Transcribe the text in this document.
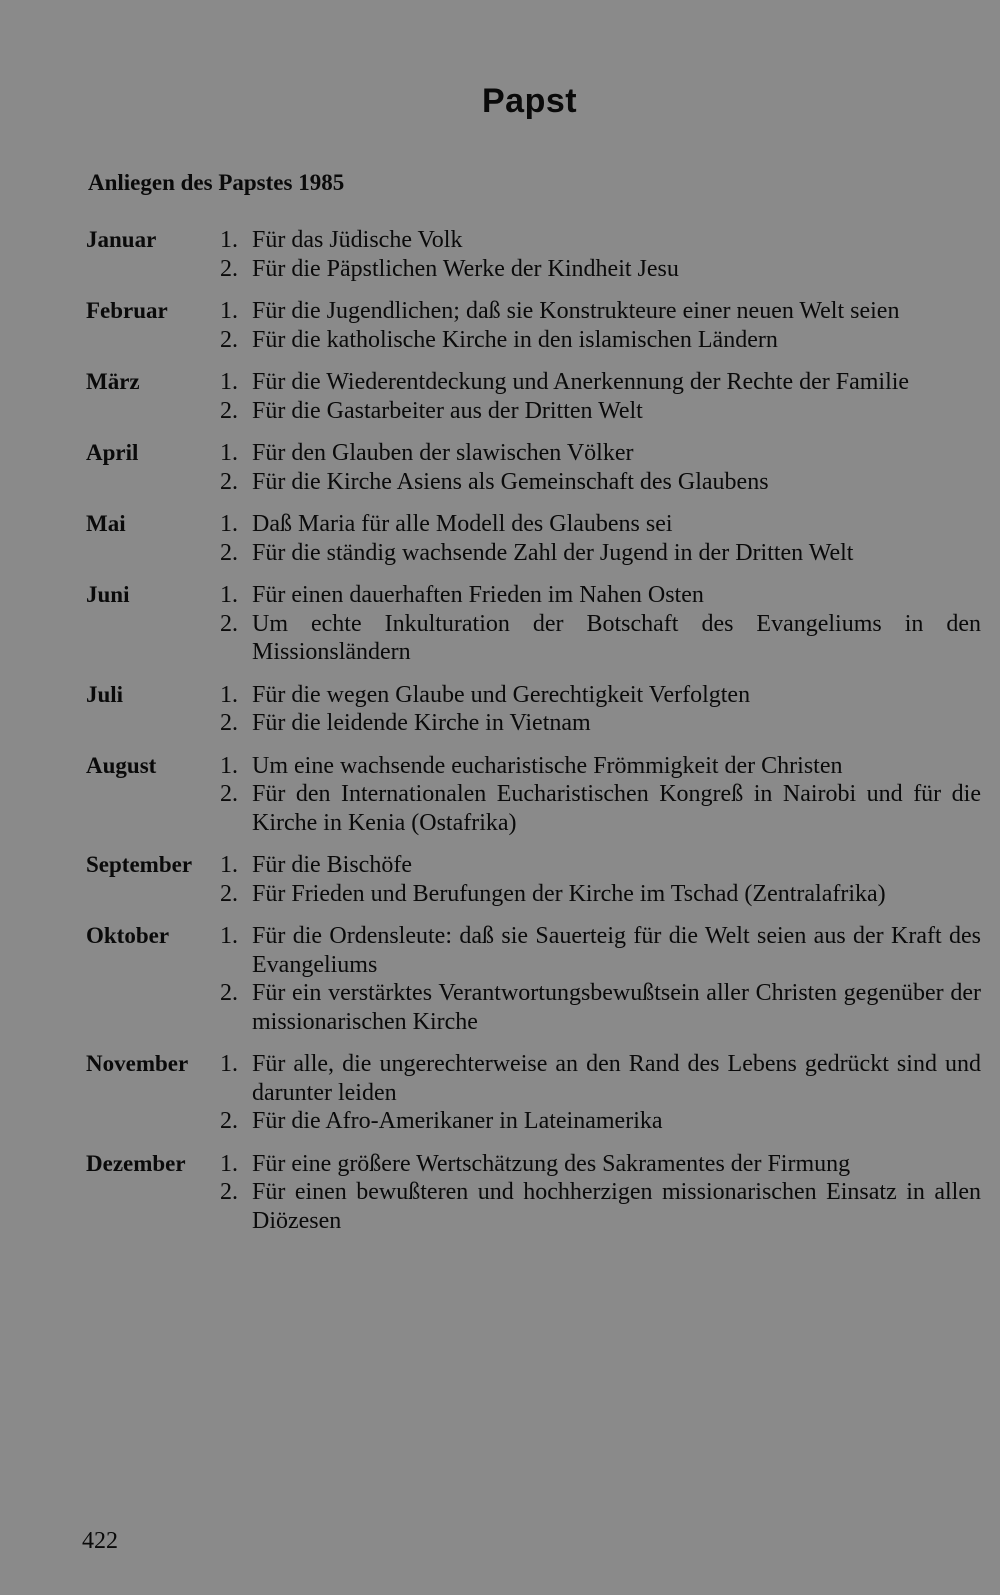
Papst
Anliegen des Papstes 1985
Januar	1. Für das Jüdische Volk
2. Für die Päpstlichen Werke der Kindheit Jesu
Februar	1. Für die Jugendlichen; daß sie Konstrukteure einer neuen Welt seien
2. Für die katholische Kirche in den islamischen Ländern
März	1. Für die Wiederentdeckung und Anerkennung der Rechte der Familie
2. Für die Gastarbeiter aus der Dritten Welt
April	1. Für den Glauben der slawischen Völker
2. Für die Kirche Asiens als Gemeinschaft des Glaubens
Mai	1. Daß Maria für alle Modell des Glaubens sei
2. Für die ständig wachsende Zahl der Jugend in der Dritten Welt
Juni	1. Für einen dauerhaften Frieden im Nahen Osten
2. Um echte Inkulturation der Botschaft des Evangeliums in den Missionsländern
Juli	1. Für die wegen Glaube und Gerechtigkeit Verfolgten
2. Für die leidende Kirche in Vietnam
August	1. Um eine wachsende eucharistische Frömmigkeit der Christen
2. Für den Internationalen Eucharistischen Kongreß in Nairobi und für die Kirche in Kenia (Ostafrika)
September	1. Für die Bischöfe
2. Für Frieden und Berufungen der Kirche im Tschad (Zentralafrika)
Oktober	1. Für die Ordensleute: daß sie Sauerteig für die Welt seien aus der Kraft des Evangeliums
2. Für ein verstärktes Verantwortungsbewußtsein aller Christen gegenüber der missionarischen Kirche
November	1. Für alle, die ungerechterweise an den Rand des Lebens gedrückt sind und darunter leiden
2. Für die Afro-Amerikaner in Lateinamerika
Dezember	1. Für eine größere Wertschätzung des Sakramentes der Firmung
2. Für einen bewußteren und hochherzigen missionarischen Einsatz in allen Diözesen
422
